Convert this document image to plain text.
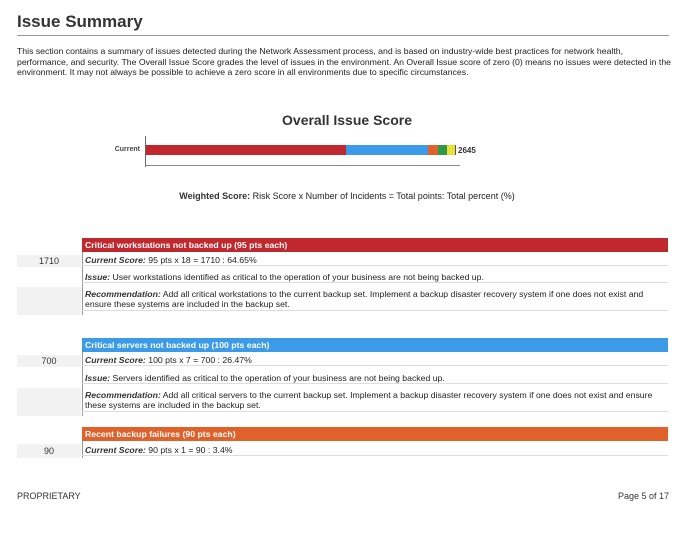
Issue Summary
This section contains a summary of issues detected during the Network Assessment process, and is based on industry-wide best practices for network health, performance, and security. The Overall Issue Score grades the level of issues in the environment. An Overall Issue score of zero (0) means no issues were detected in the environment. It may not always be possible to achieve a zero score in all environments due to specific circumstances.
Overall Issue Score
Current	2645
Weighted Score: Risk Score x Number of Incidents = Total points: Total percent (%)
Critical workstations not backed up (95 pts each)
1710	Current Score: 95 pts x 18 = 1710 : 64.65%
Issue: User workstations identified as critical to the operation of your business are not being backed up.
Recommendation: Add all critical workstations to the current backup set. Implement a backup disaster recovery system if one does not exist and ensure these systems are included in the backup set.
Critical servers not backed up (100 pts each)
700	Current Score: 100 pts x 7 = 700 : 26.47%
Issue: Servers identified as critical to the operation of your business are not being backed up.
Recommendation: Add all critical servers to the current backup set. Implement a backup disaster recovery system if one does not exist and ensure these systems are included in the backup set.
Recent backup failures (90 pts each)
90	Current Score: 90 pts x 1 = 90 : 3.4%
PROPRIETARY	Page 5 of 17
